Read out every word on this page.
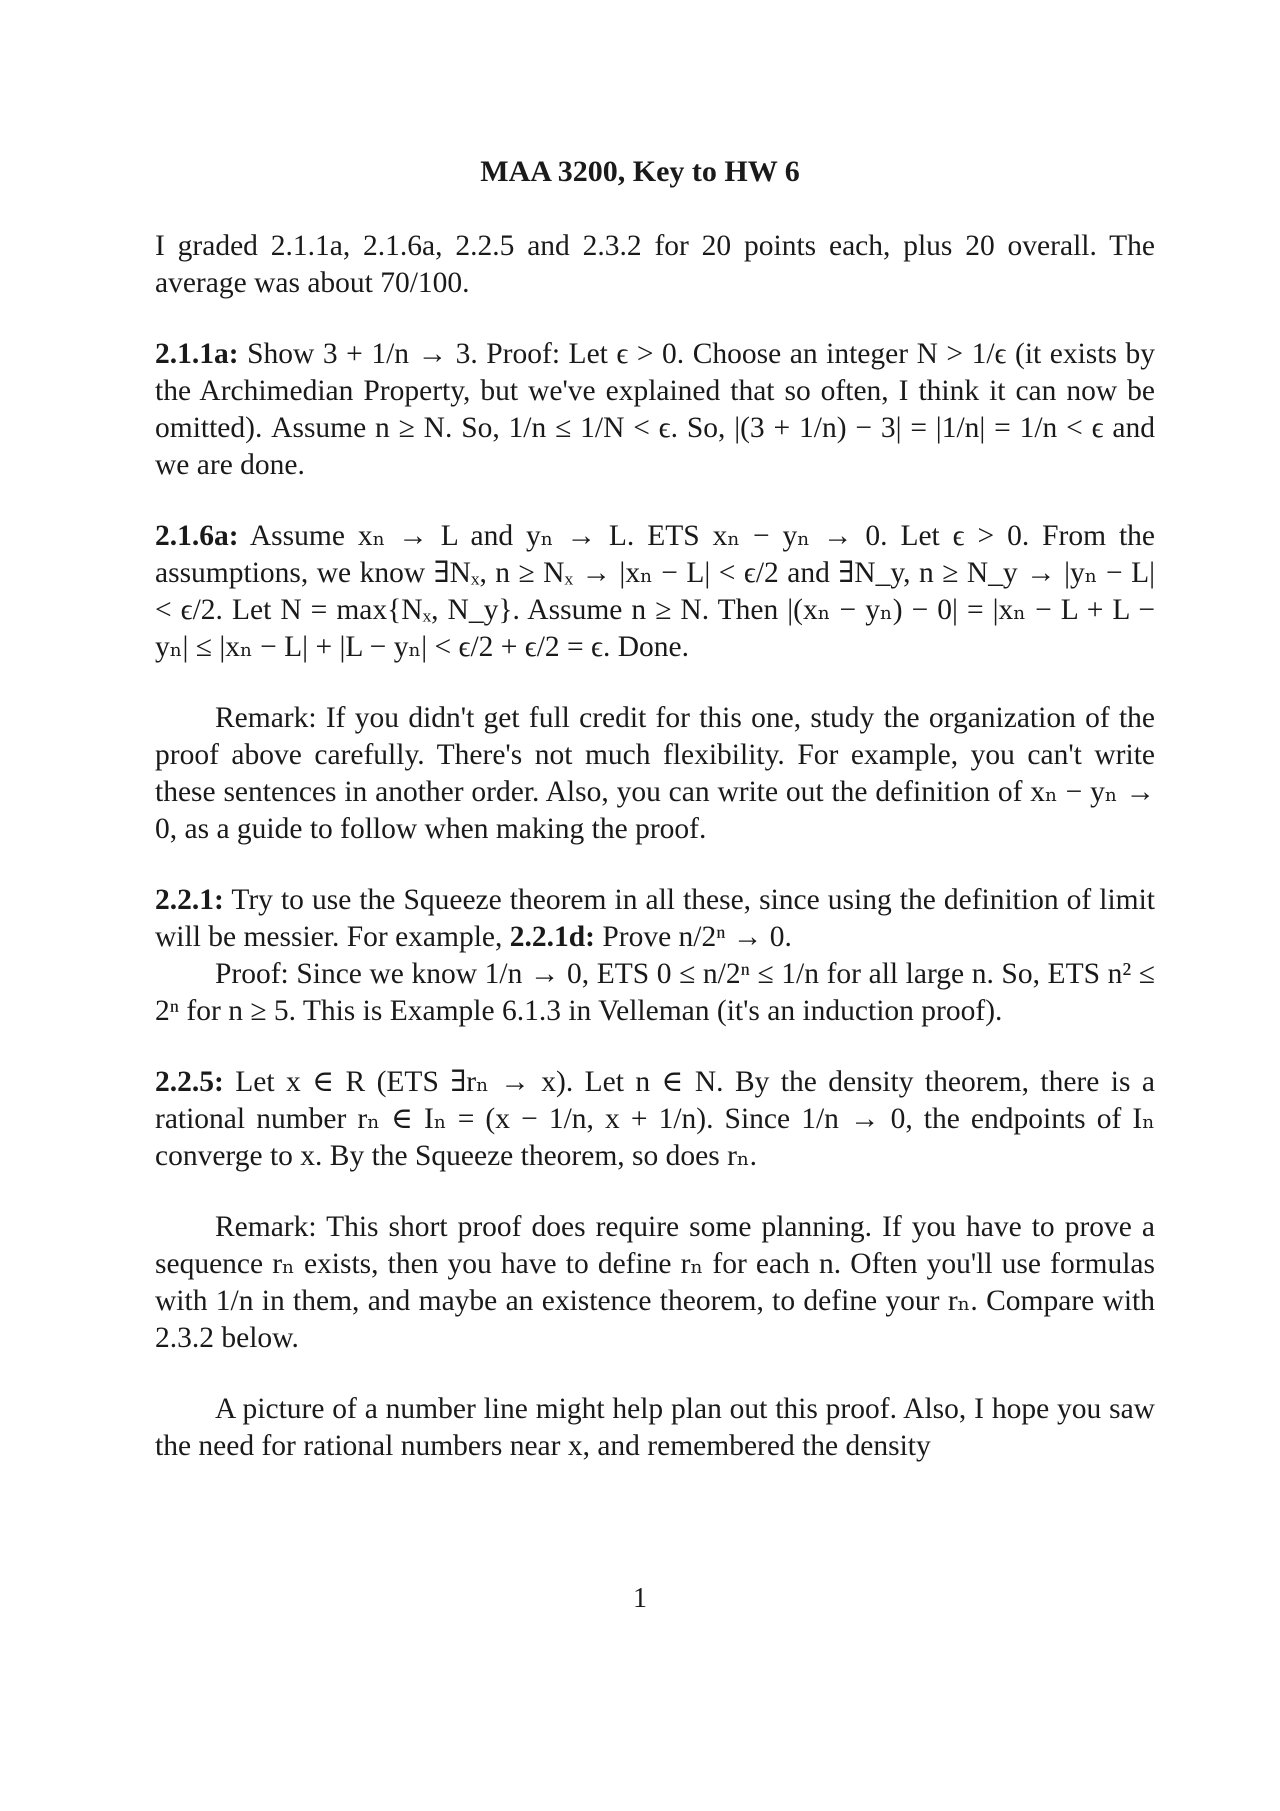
MAA 3200, Key to HW 6

I graded 2.1.1a, 2.1.6a, 2.2.5 and 2.3.2 for 20 points each, plus 20 overall. The average was about 70/100.

2.1.1a: Show 3 + 1/n → 3. Proof: Let ϵ > 0. Choose an integer N > 1/ϵ (it exists by the Archimedian Property, but we've explained that so often, I think it can now be omitted). Assume n ≥ N. So, 1/n ≤ 1/N < ϵ. So, |(3 + 1/n) − 3| = |1/n| = 1/n < ϵ and we are done.

2.1.6a: Assume xₙ → L and yₙ → L. ETS xₙ − yₙ → 0. Let ϵ > 0. From the assumptions, we know ∃Nₓ, n ≥ Nₓ → |xₙ − L| < ϵ/2 and ∃N_y, n ≥ N_y → |yₙ − L| < ϵ/2. Let N = max{Nₓ, N_y}. Assume n ≥ N. Then |(xₙ − yₙ) − 0| = |xₙ − L + L − yₙ| ≤ |xₙ − L| + |L − yₙ| < ϵ/2 + ϵ/2 = ϵ. Done.

Remark: If you didn't get full credit for this one, study the organization of the proof above carefully. There's not much flexibility. For example, you can't write these sentences in another order. Also, you can write out the definition of xₙ − yₙ → 0, as a guide to follow when making the proof.

2.2.1: Try to use the Squeeze theorem in all these, since using the definition of limit will be messier. For example, 2.2.1d: Prove n/2ⁿ → 0.

Proof: Since we know 1/n → 0, ETS 0 ≤ n/2ⁿ ≤ 1/n for all large n. So, ETS n² ≤ 2ⁿ for n ≥ 5. This is Example 6.1.3 in Velleman (it's an induction proof).

2.2.5: Let x ∈ R (ETS ∃rₙ → x). Let n ∈ N. By the density theorem, there is a rational number rₙ ∈ Iₙ = (x − 1/n, x + 1/n). Since 1/n → 0, the endpoints of Iₙ converge to x. By the Squeeze theorem, so does rₙ.

Remark: This short proof does require some planning. If you have to prove a sequence rₙ exists, then you have to define rₙ for each n. Often you'll use formulas with 1/n in them, and maybe an existence theorem, to define your rₙ. Compare with 2.3.2 below.

A picture of a number line might help plan out this proof. Also, I hope you saw the need for rational numbers near x, and remembered the density

1
